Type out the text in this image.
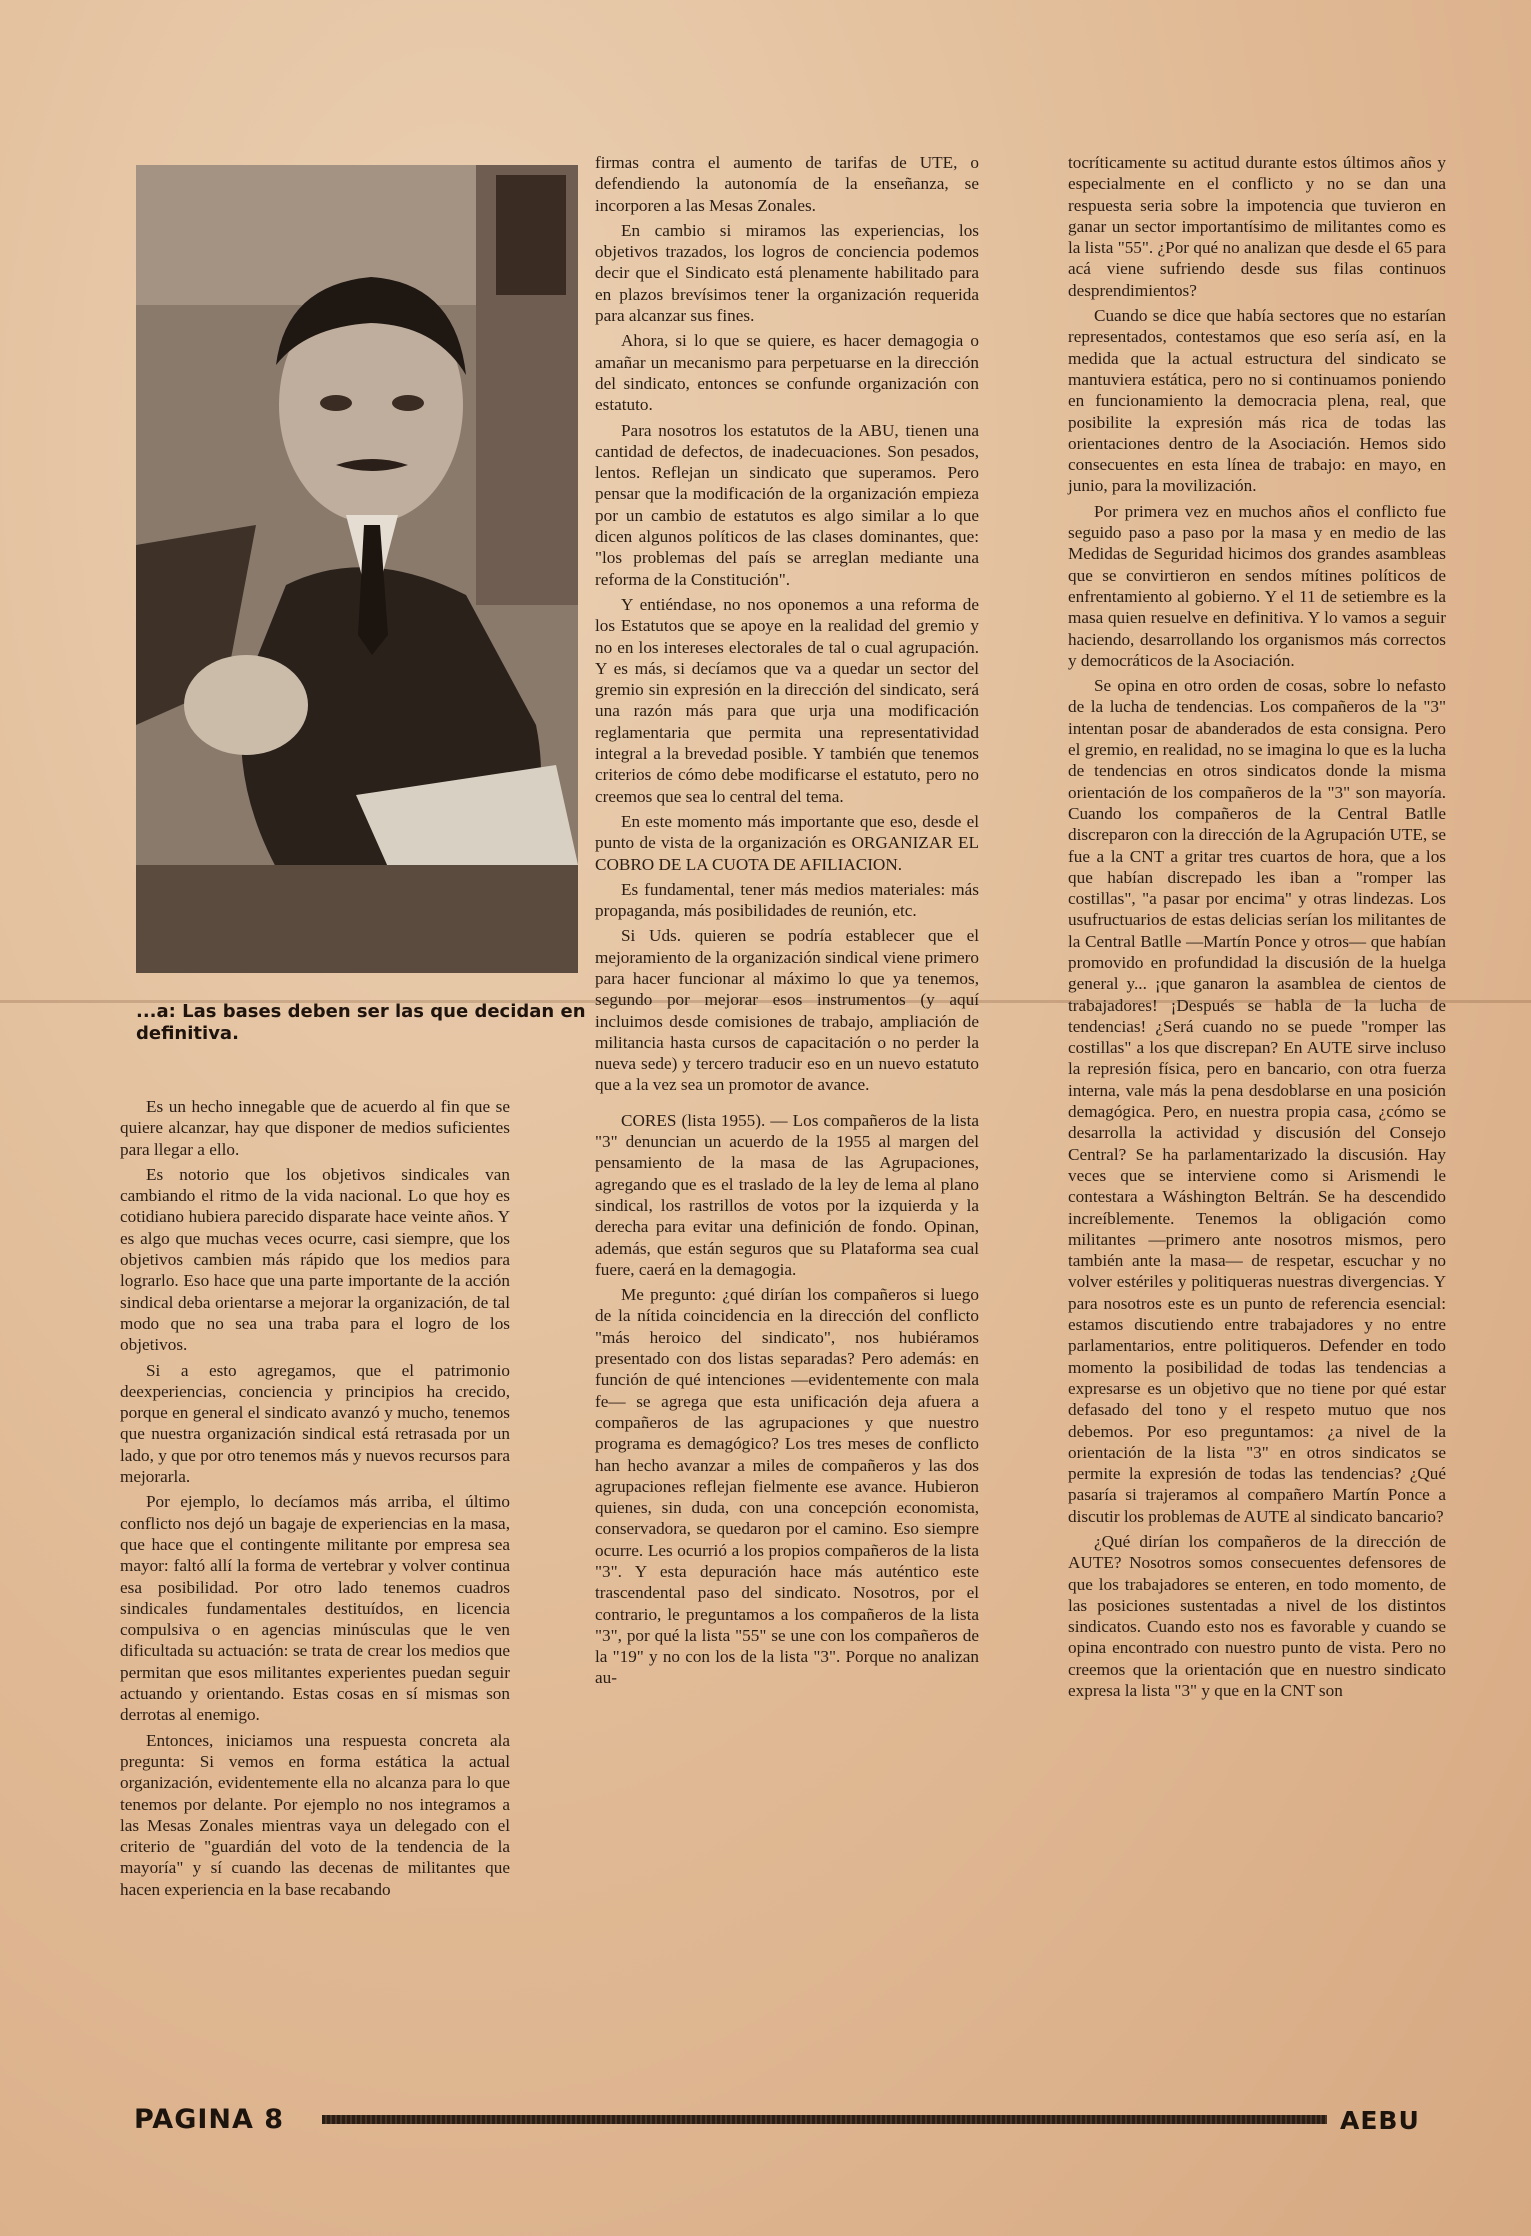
...a: Las bases deben ser las que decidan en definitiva.

Es un hecho innegable que de acuerdo al fin que se quiere alcanzar, hay que disponer de medios suficientes para llegar a ello.

Es notorio que los objetivos sindicales van cambiando el ritmo de la vida nacional. Lo que hoy es cotidiano hubiera parecido disparate hace veinte años. Y es algo que muchas veces ocurre, casi siempre, que los objetivos cambien más rápido que los medios para lograrlo. Eso hace que una parte importante de la acción sindical deba orientarse a mejorar la organización, de tal modo que no sea una traba para el logro de los objetivos.

Si a esto agregamos, que el patrimonio deexperiencias, conciencia y principios ha crecido, porque en general el sindicato avanzó y mucho, tenemos que nuestra organización sindical está retrasada por un lado, y que por otro tenemos más y nuevos recursos para mejorarla.

Por ejemplo, lo decíamos más arriba, el último conflicto nos dejó un bagaje de experiencias en la masa, que hace que el contingente militante por empresa sea mayor: faltó allí la forma de vertebrar y volver continua esa posibilidad. Por otro lado tenemos cuadros sindicales fundamentales destituídos, en licencia compulsiva o en agencias minúsculas que le ven dificultada su actuación: se trata de crear los medios que permitan que esos militantes experientes puedan seguir actuando y orientando. Estas cosas en sí mismas son derrotas al enemigo.

Entonces, iniciamos una respuesta concreta ala pregunta: Si vemos en forma estática la actual organización, evidentemente ella no alcanza para lo que tenemos por delante. Por ejemplo no nos integramos a las Mesas Zonales mientras vaya un delegado con el criterio de "guardián del voto de la tendencia de la mayoría" y sí cuando las decenas de militantes que hacen experiencia en la base recabando

firmas contra el aumento de tarifas de UTE, o defendiendo la autonomía de la enseñanza, se incorporen a las Mesas Zonales.

En cambio si miramos las experiencias, los objetivos trazados, los logros de conciencia podemos decir que el Sindicato está plenamente habilitado para en plazos brevísimos tener la organización requerida para alcanzar sus fines.

Ahora, si lo que se quiere, es hacer demagogia o amañar un mecanismo para perpetuarse en la dirección del sindicato, entonces se confunde organización con estatuto.

Para nosotros los estatutos de la ABU, tienen una cantidad de defectos, de inadecuaciones. Son pesados, lentos. Reflejan un sindicato que superamos. Pero pensar que la modificación de la organización empieza por un cambio de estatutos es algo similar a lo que dicen algunos políticos de las clases dominantes, que: "los problemas del país se arreglan mediante una reforma de la Constitución".

Y entiéndase, no nos oponemos a una reforma de los Estatutos que se apoye en la realidad del gremio y no en los intereses electorales de tal o cual agrupación. Y es más, si decíamos que va a quedar un sector del gremio sin expresión en la dirección del sindicato, será una razón más para que urja una modificación reglamentaria que permita una representatividad integral a la brevedad posible. Y también que tenemos criterios de cómo debe modificarse el estatuto, pero no creemos que sea lo central del tema.

En este momento más importante que eso, desde el punto de vista de la organización es ORGANIZAR EL COBRO DE LA CUOTA DE AFILIACION.

Es fundamental, tener más medios materiales: más propaganda, más posibilidades de reunión, etc.

Si Uds. quieren se podría establecer que el mejoramiento de la organización sindical viene primero para hacer funcionar al máximo lo que ya tenemos, segundo por mejorar esos instrumentos (y aquí incluimos desde comisiones de trabajo, ampliación de militancia hasta cursos de capacitación o no perder la nueva sede) y tercero traducir eso en un nuevo estatuto que a la vez sea un promotor de avance.

CORES (lista 1955). — Los compañeros de la lista "3" denuncian un acuerdo de la 1955 al margen del pensamiento de la masa de las Agrupaciones, agregando que es el traslado de la ley de lema al plano sindical, los rastrillos de votos por la izquierda y la derecha para evitar una definición de fondo. Opinan, además, que están seguros que su Plataforma sea cual fuere, caerá en la demagogia.

Me pregunto: ¿qué dirían los compañeros si luego de la nítida coincidencia en la dirección del conflicto "más heroico del sindicato", nos hubiéramos presentado con dos listas separadas? Pero además: en función de qué intenciones —evidentemente con mala fe— se agrega que esta unificación deja afuera a compañeros de las agrupaciones y que nuestro programa es demagógico? Los tres meses de conflicto han hecho avanzar a miles de compañeros y las dos agrupaciones reflejan fielmente ese avance. Hubieron quienes, sin duda, con una concepción economista, conservadora, se quedaron por el camino. Eso siempre ocurre. Les ocurrió a los propios compañeros de la lista "3". Y esta depuración hace más auténtico este trascendental paso del sindicato. Nosotros, por el contrario, le preguntamos a los compañeros de la lista "3", por qué la lista "55" se une con los compañeros de la "19" y no con los de la lista "3". Porque no analizan au-

tocríticamente su actitud durante estos últimos años y especialmente en el conflicto y no se dan una respuesta seria sobre la impotencia que tuvieron en ganar un sector importantísimo de militantes como es la lista "55". ¿Por qué no analizan que desde el 65 para acá viene sufriendo desde sus filas continuos desprendimientos?

Cuando se dice que había sectores que no estarían representados, contestamos que eso sería así, en la medida que la actual estructura del sindicato se mantuviera estática, pero no si continuamos poniendo en funcionamiento la democracia plena, real, que posibilite la expresión más rica de todas las orientaciones dentro de la Asociación. Hemos sido consecuentes en esta línea de trabajo: en mayo, en junio, para la movilización.

Por primera vez en muchos años el conflicto fue seguido paso a paso por la masa y en medio de las Medidas de Seguridad hicimos dos grandes asambleas que se convirtieron en sendos mítines políticos de enfrentamiento al gobierno. Y el 11 de setiembre es la masa quien resuelve en definitiva. Y lo vamos a seguir haciendo, desarrollando los organismos más correctos y democráticos de la Asociación.

Se opina en otro orden de cosas, sobre lo nefasto de la lucha de tendencias. Los compañeros de la "3" intentan posar de abanderados de esta consigna. Pero el gremio, en realidad, no se imagina lo que es la lucha de tendencias en otros sindicatos donde la misma orientación de los compañeros de la "3" son mayoría. Cuando los compañeros de la Central Batlle discreparon con la dirección de la Agrupación UTE, se fue a la CNT a gritar tres cuartos de hora, que a los que habían discrepado les iban a "romper las costillas", "a pasar por encima" y otras lindezas. Los usufructuarios de estas delicias serían los militantes de la Central Batlle —Martín Ponce y otros— que habían promovido en profundidad la discusión de la huelga general y... ¡que ganaron la asamblea de cientos de trabajadores! ¡Después se habla de la lucha de tendencias! ¿Será cuando no se puede "romper las costillas" a los que discrepan? En AUTE sirve incluso la represión física, pero en bancario, con otra fuerza interna, vale más la pena desdoblarse en una posición demagógica. Pero, en nuestra propia casa, ¿cómo se desarrolla la actividad y discusión del Consejo Central? Se ha parlamentarizado la discusión. Hay veces que se interviene como si Arismendi le contestara a Wáshington Beltrán. Se ha descendido increíblemente. Tenemos la obligación como militantes —primero ante nosotros mismos, pero también ante la masa— de respetar, escuchar y no volver estériles y politiqueras nuestras divergencias. Y para nosotros este es un punto de referencia esencial: estamos discutiendo entre trabajadores y no entre parlamentarios, entre politiqueros. Defender en todo momento la posibilidad de todas las tendencias a expresarse es un objetivo que no tiene por qué estar defasado del tono y el respeto mutuo que nos debemos. Por eso preguntamos: ¿a nivel de la orientación de la lista "3" en otros sindicatos se permite la expresión de todas las tendencias? ¿Qué pasaría si trajeramos al compañero Martín Ponce a discutir los problemas de AUTE al sindicato bancario?

¿Qué dirían los compañeros de la dirección de AUTE? Nosotros somos consecuentes defensores de que los trabajadores se enteren, en todo momento, de las posiciones sustentadas a nivel de los distintos sindicatos. Cuando esto nos es favorable y cuando se opina encontrado con nuestro punto de vista. Pero no creemos que la orientación que en nuestro sindicato expresa la lista "3" y que en la CNT son

PAGINA 8	AEBU
